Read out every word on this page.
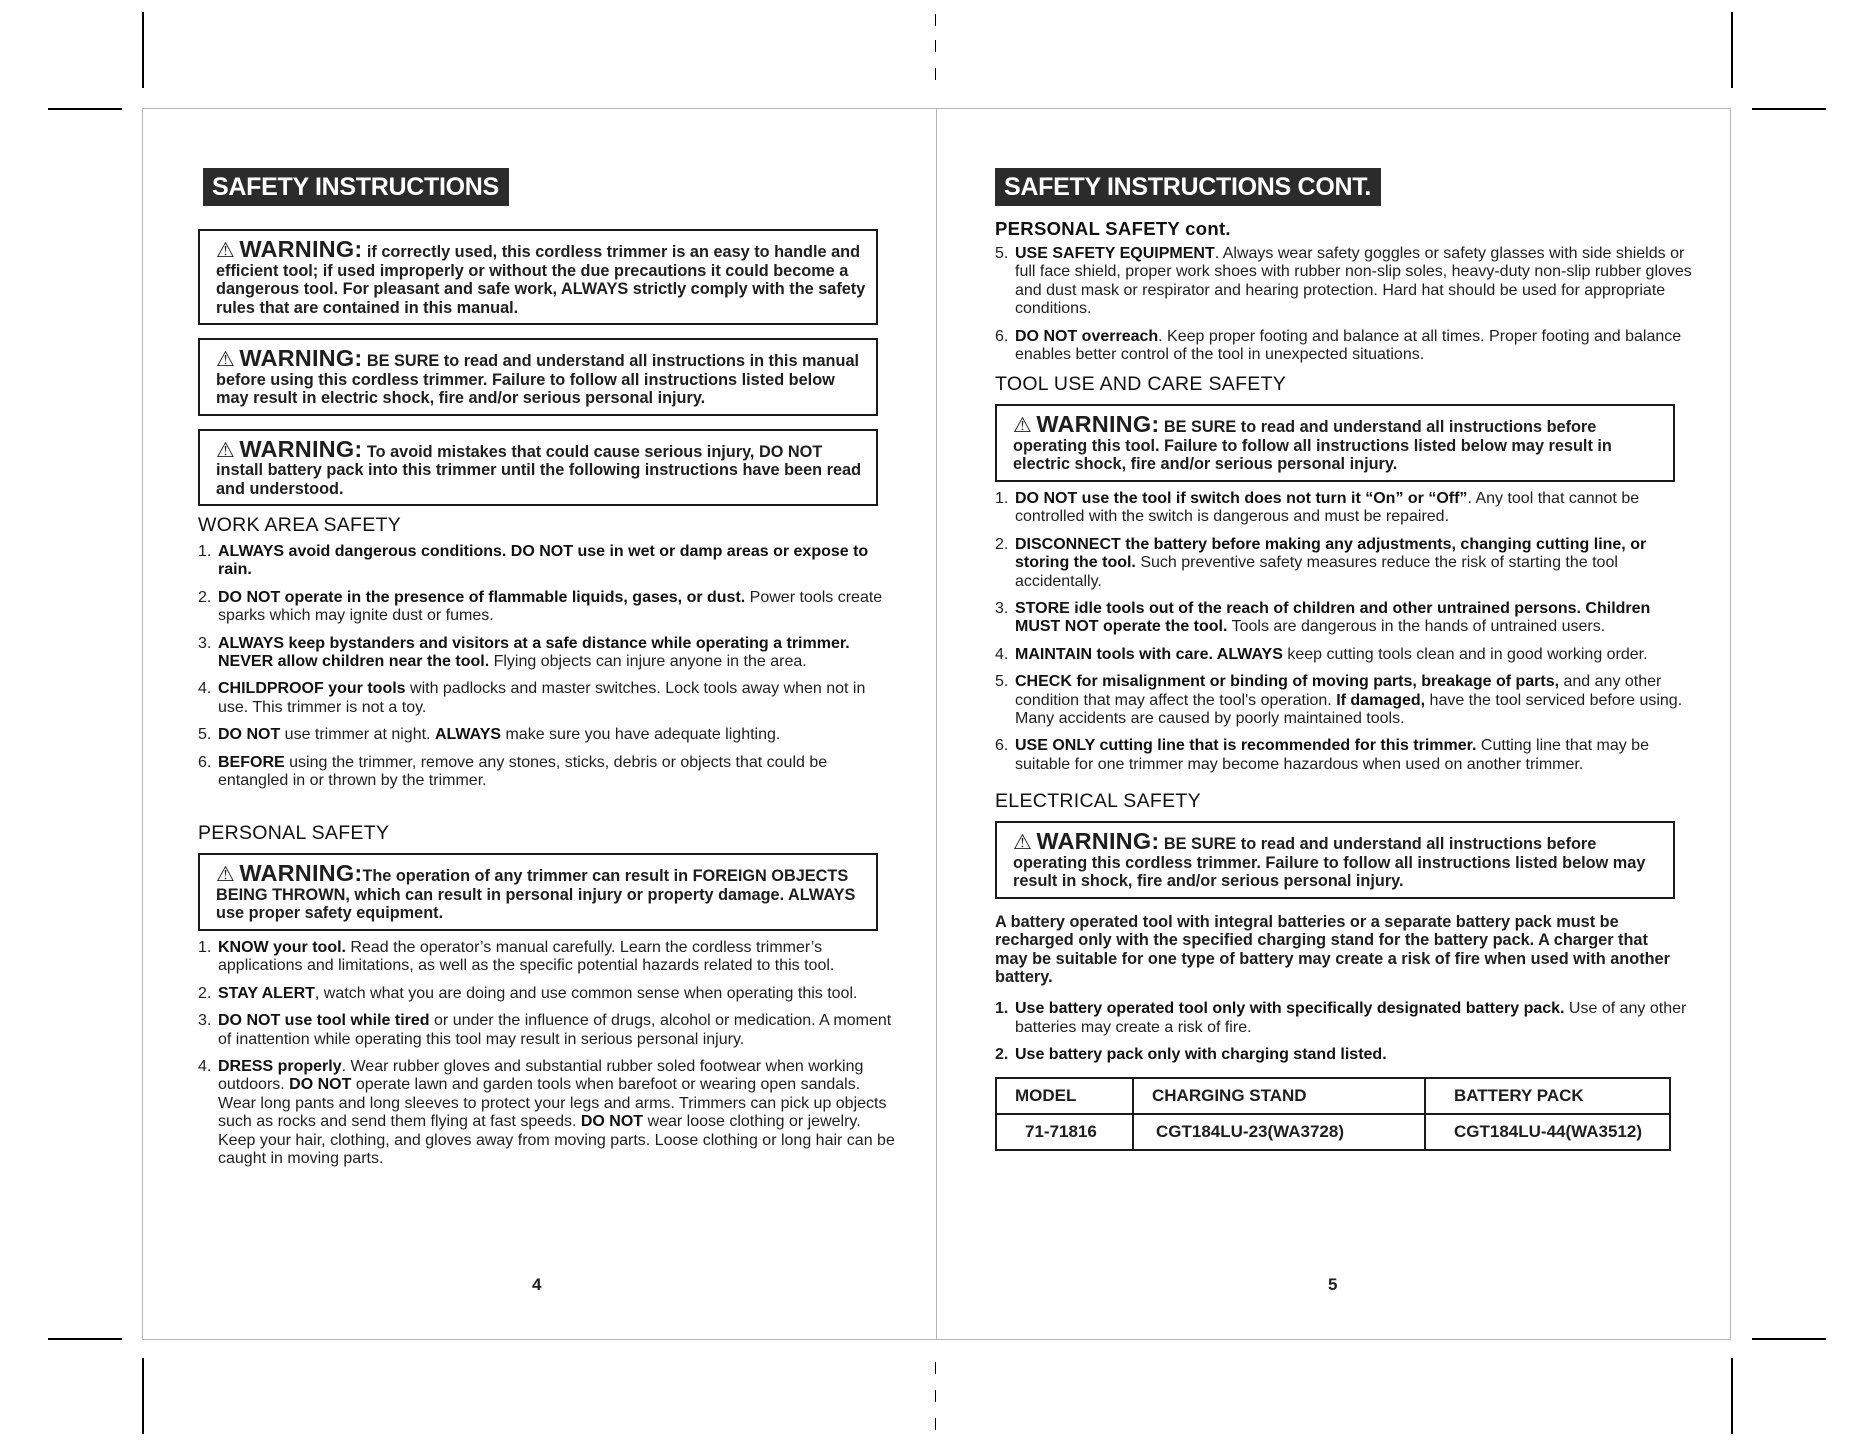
SAFETY INSTRUCTIONS
⚠ WARNING: if correctly used, this cordless trimmer is an easy to handle and efficient tool; if used improperly or without the due precautions it could become a dangerous tool. For pleasant and safe work, ALWAYS strictly comply with the safety rules that are contained in this manual.
⚠ WARNING: BE SURE to read and understand all instructions in this manual before using this cordless trimmer. Failure to follow all instructions listed below may result in electric shock, fire and/or serious personal injury.
⚠ WARNING: To avoid mistakes that could cause serious injury, DO NOT install battery pack into this trimmer until the following instructions have been read and understood.
WORK AREA SAFETY
1. ALWAYS avoid dangerous conditions. DO NOT use in wet or damp areas or expose to rain.
2. DO NOT operate in the presence of flammable liquids, gases, or dust. Power tools create sparks which may ignite dust or fumes.
3. ALWAYS keep bystanders and visitors at a safe distance while operating a trimmer. NEVER allow children near the tool. Flying objects can injure anyone in the area.
4. CHILDPROOF your tools with padlocks and master switches. Lock tools away when not in use. This trimmer is not a toy.
5. DO NOT use trimmer at night. ALWAYS make sure you have adequate lighting.
6. BEFORE using the trimmer, remove any stones, sticks, debris or objects that could be entangled in or thrown by the trimmer.
PERSONAL SAFETY
⚠ WARNING:The operation of any trimmer can result in FOREIGN OBJECTS BEING THROWN, which can result in personal injury or property damage. ALWAYS use proper safety equipment.
1. KNOW your tool. Read the operator’s manual carefully. Learn the cordless trimmer’s applications and limitations, as well as the specific potential hazards related to this tool.
2. STAY ALERT, watch what you are doing and use common sense when operating this tool.
3. DO NOT use tool while tired or under the influence of drugs, alcohol or medication. A moment of inattention while operating this tool may result in serious personal injury.
4. DRESS properly. Wear rubber gloves and substantial rubber soled footwear when working outdoors. DO NOT operate lawn and garden tools when barefoot or wearing open sandals. Wear long pants and long sleeves to protect your legs and arms. Trimmers can pick up objects such as rocks and send them flying at fast speeds. DO NOT wear loose clothing or jewelry. Keep your hair, clothing, and gloves away from moving parts. Loose clothing or long hair can be caught in moving parts.
4
SAFETY INSTRUCTIONS CONT.
PERSONAL SAFETY cont.
5. USE SAFETY EQUIPMENT. Always wear safety goggles or safety glasses with side shields or full face shield, proper work shoes with rubber non-slip soles, heavy-duty non-slip rubber gloves and dust mask or respirator and hearing protection. Hard hat should be used for appropriate conditions.
6. DO NOT overreach. Keep proper footing and balance at all times. Proper footing and balance enables better control of the tool in unexpected situations.
TOOL USE AND CARE SAFETY
⚠ WARNING: BE SURE to read and understand all instructions before operating this tool. Failure to follow all instructions listed below may result in electric shock, fire and/or serious personal injury.
1. DO NOT use the tool if switch does not turn it “On” or “Off”. Any tool that cannot be controlled with the switch is dangerous and must be repaired.
2. DISCONNECT the battery before making any adjustments, changing cutting line, or storing the tool. Such preventive safety measures reduce the risk of starting the tool accidentally.
3. STORE idle tools out of the reach of children and other untrained persons. Children MUST NOT operate the tool. Tools are dangerous in the hands of untrained users.
4. MAINTAIN tools with care. ALWAYS keep cutting tools clean and in good working order.
5. CHECK for misalignment or binding of moving parts, breakage of parts, and any other condition that may affect the tool's operation. If damaged, have the tool serviced before using. Many accidents are caused by poorly maintained tools.
6. USE ONLY cutting line that is recommended for this trimmer. Cutting line that may be suitable for one trimmer may become hazardous when used on another trimmer.
ELECTRICAL SAFETY
⚠ WARNING: BE SURE to read and understand all instructions before operating this cordless trimmer. Failure to follow all instructions listed below may result in shock, fire and/or serious personal injury.
A battery operated tool with integral batteries or a separate battery pack must be recharged only with the specified charging stand for the battery pack. A charger that may be suitable for one type of battery may create a risk of fire when used with another battery.
1. Use battery operated tool only with specifically designated battery pack. Use of any other batteries may create a risk of fire.
2. Use battery pack only with charging stand listed.
MODEL	CHARGING STAND	BATTERY PACK
71-71816	CGT184LU-23(WA3728)	CGT184LU-44(WA3512)
5
